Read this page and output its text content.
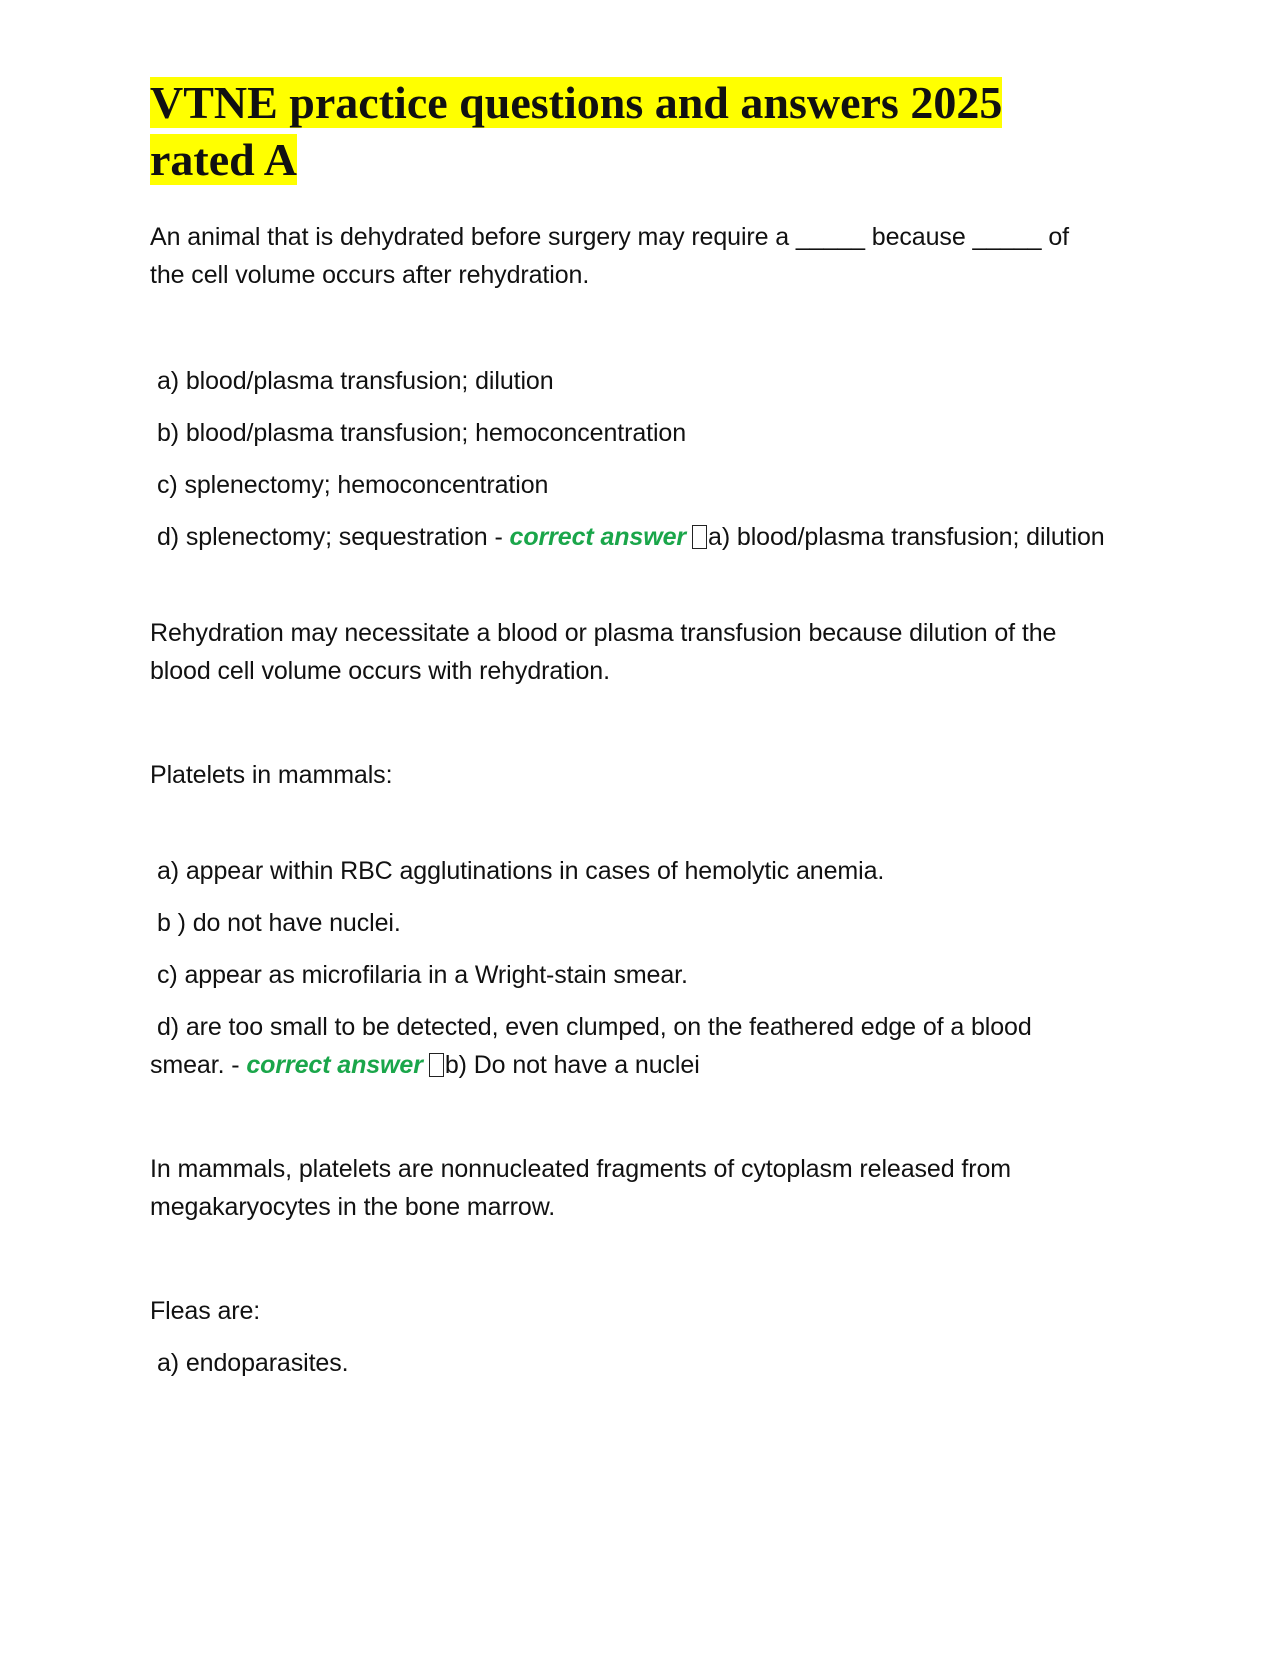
VTNE practice questions and answers 2025 rated A

An animal that is dehydrated before surgery may require a _____ because _____ of the cell volume occurs after rehydration.

a) blood/plasma transfusion; dilution

b) blood/plasma transfusion; hemoconcentration

c) splenectomy; hemoconcentration

d) splenectomy; sequestration - correct answer a) blood/plasma transfusion; dilution

Rehydration may necessitate a blood or plasma transfusion because dilution of the blood cell volume occurs with rehydration.

Platelets in mammals:

a) appear within RBC agglutinations in cases of hemolytic anemia.

b ) do not have nuclei.

c) appear as microfilaria in a Wright-stain smear.

d) are too small to be detected, even clumped, on the feathered edge of a blood smear. - correct answer b) Do not have a nuclei

In mammals, platelets are nonnucleated fragments of cytoplasm released from megakaryocytes in the bone marrow.

Fleas are:

a) endoparasites.
